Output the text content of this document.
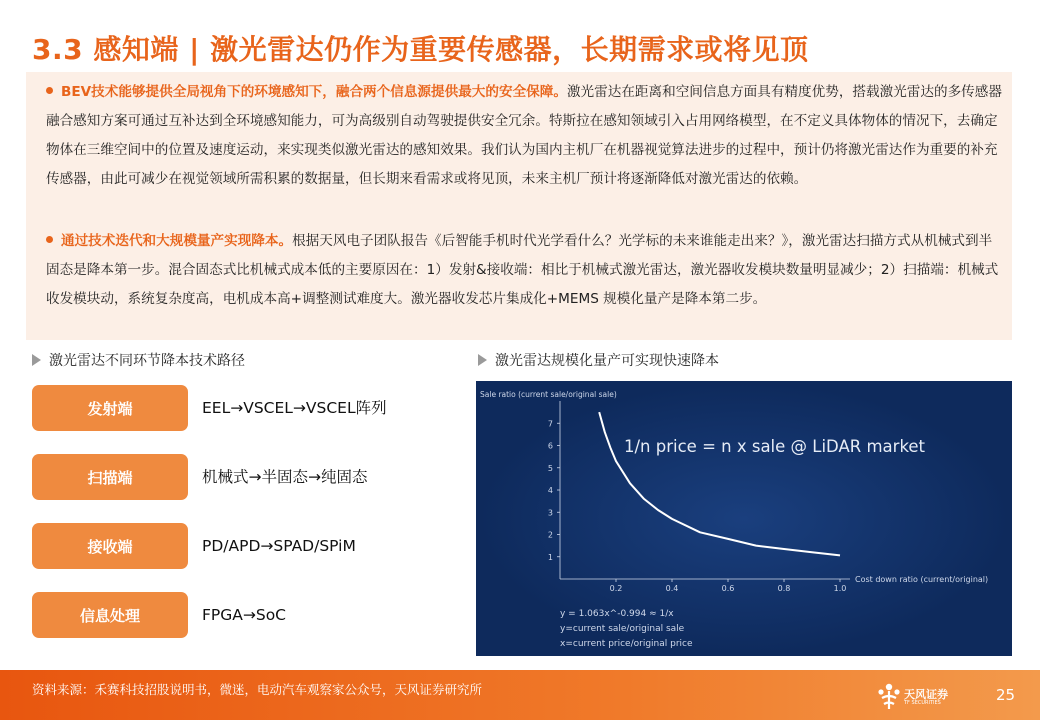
3.3 感知端 | 激光雷达仍作为重要传感器，长期需求或将见顶
BEV技术能够提供全局视角下的环境感知下，融合两个信息源提供最大的安全保障。激光雷达在距离和空间信息方面具有精度优势，搭载激光雷达的多传感器融合感知方案可通过互补达到全环境感知能力，可为高级别自动驾驶提供安全冗余。特斯拉在感知领域引入占用网络模型，在不定义具体物体的情况下，去确定物体在三维空间中的位置及速度运动，来实现类似激光雷达的感知效果。我们认为国内主机厂在机器视觉算法进步的过程中，预计仍将激光雷达作为重要的补充传感器，由此可减少在视觉领域所需积累的数据量，但长期来看需求或将见顶，未来主机厂预计将逐渐降低对激光雷达的依赖。
通过技术迭代和大规模量产实现降本。根据天风电子团队报告《后智能手机时代光学看什么？光学标的未来谁能走出来？》，激光雷达扫描方式从机械式到半固态是降本第一步。混合固态式比机械式成本低的主要原因在：1）发射&接收端：相比于机械式激光雷达，激光器收发模块数量明显减少；2）扫描端：机械式收发模块动，系统复杂度高，电机成本高+调整测试难度大。激光器收发芯片集成化+MEMS 规模化量产是降本第二步。
激光雷达不同环节降本技术路径	激光雷达规模化量产可实现快速降本
发射端	EEL→VSCEL→VSCEL阵列
扫描端	机械式→半固态→纯固态
接收端	PD/APD→SPAD/SPiM
信息处理	FPGA→SoC
Sale ratio (current sale/original sale)
Cost down ratio (current/original)
1/n price = n x sale @ LiDAR market
y = 1.063x^-0.994 ≈ 1/x
y=current sale/original sale
x=current price/original price
0.2	0.4	0.6	0.8	1.0
1
2
3
4
5
6
7
资料来源：禾赛科技招股说明书，微迷，电动汽车观察家公众号，天风证券研究所	天风证券
TF SECURITIES	25
